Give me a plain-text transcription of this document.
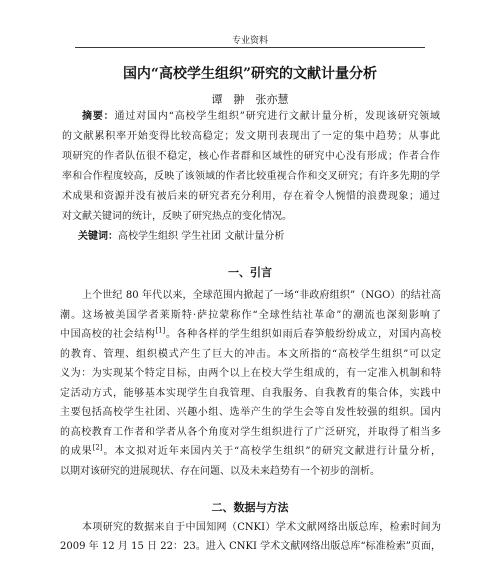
专业资料
国内“高校学生组织”研究的文献计量分析
谭　翀　张亦慧
摘要：通过对国内“高校学生组织”研究进行文献计量分析，发现该研究领域
的文献累积率开始变得比较高稳定；发文期刊表现出了一定的集中趋势；从事此
项研究的作者队伍很不稳定，核心作者群和区域性的研究中心没有形成；作者合作
率和合作程度较高，反映了该领域的作者比较重视合作和交叉研究；有许多先期的学
术成果和资源并没有被后来的研究者充分利用，存在着令人惋惜的浪费现象；通过
对文献关键词的统计，反映了研究热点的变化情况。
关键词：高校学生组织 学生社团 文献计量分析
一、引言
上个世纪 80 年代以来，全球范围内掀起了一场“非政府组织”（NGO）的结社高
潮。这场被美国学者莱斯特·萨拉蒙称作“全球性结社革命”的潮流也深刻影响了
中国高校的社会结构[1]。各种各样的学生组织如雨后春笋般纷纷成立，对国内高校
的教育、管理、组织模式产生了巨大的冲击。本文所指的“高校学生组织”可以定
义为：为实现某个特定目标，由两个以上在校大学生组成的，有一定准入机制和特
定活动方式，能够基本实现学生自我管理、自我服务、自我教育的集合体，实践中
主要包括高校学生社团、兴趣小组、选举产生的学生会等自发性较强的组织。国内
的高校教育工作者和学者从各个角度对学生组织进行了广泛研究，并取得了相当多
的成果[2]。本文拟对近年来国内关于“高校学生组织”的研究文献进行计量分析，
以期对该研究的进展现状、存在问题、以及未来趋势有一个初步的剖析。
二、数据与方法
本项研究的数据来自于中国知网（CNKI）学术文献网络出版总库，检索时间为
2009 年 12 月 15 日 22：23。进入 CNKI 学术文献网络出版总库“标准检索”页面，
